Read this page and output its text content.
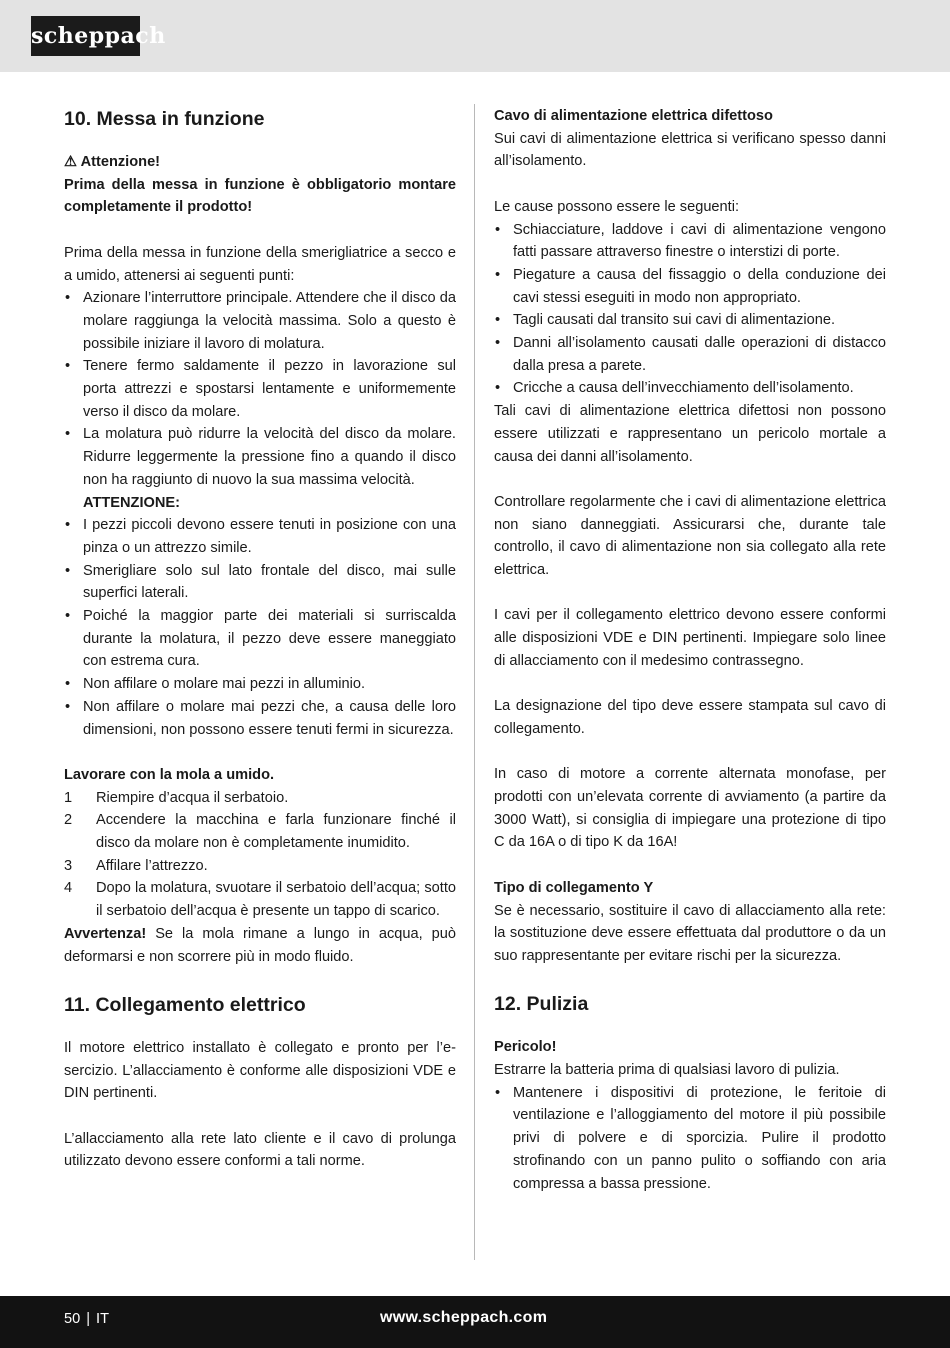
scheppach
10. Messa in funzione

⚠ Attenzione!

Prima della messa in funzione è obbligatorio montare completamente il prodotto!

Prima della messa in funzione della smerigliatrice a secco e a umido, attenersi ai seguenti punti:

• Azionare l’interruttore principale. Attendere che il disco da molare raggiunga la velocità massima. Solo a questo è possibile iniziare il lavoro di molatura.
• Tenere fermo saldamente il pezzo in lavorazione sul porta attrezzi e spostarsi lentamente e uniformemente verso il disco da molare.
• La molatura può ridurre la velocità del disco da molare. Ridurre leggermente la pressione fino a quando il disco non ha raggiunto di nuovo la sua massima velocità.

ATTENZIONE:

• I pezzi piccoli devono essere tenuti in posizione con una pinza o un attrezzo simile.
• Smerigliare solo sul lato frontale del disco, mai sulle superfici laterali.
• Poiché la maggior parte dei materiali si surriscalda durante la molatura, il pezzo deve essere maneggiato con estrema cura.
• Non affilare o molare mai pezzi in alluminio.
• Non affilare o molare mai pezzi che, a causa delle loro dimensioni, non possono essere tenuti fermi in sicurezza.

Lavorare con la mola a umido.

1 Riempire d’acqua il serbatoio.
2 Accendere la macchina e farla funzionare finché il disco da molare non è completamente inumidito.
3 Affilare l’attrezzo.
4 Dopo la molatura, svuotare il serbatoio dell’acqua; sotto il serbatoio dell’acqua è presente un tappo di scarico.

Avvertenza! Se la mola rimane a lungo in acqua, può deformarsi e non scorrere più in modo fluido.

11. Collegamento elettrico

Il motore elettrico installato è collegato e pronto per l’esercizio. L’allacciamento è conforme alle disposizioni VDE e DIN pertinenti.

L’allacciamento alla rete lato cliente e il cavo di prolunga utilizzato devono essere conformi a tali norme.

Cavo di alimentazione elettrica difettoso

Sui cavi di alimentazione elettrica si verificano spesso danni all’isolamento.

Le cause possono essere le seguenti:

• Schiacciature, laddove i cavi di alimentazione vengono fatti passare attraverso finestre o interstizi di porte.
• Piegature a causa del fissaggio o della conduzione dei cavi stessi eseguiti in modo non appropriato.
• Tagli causati dal transito sui cavi di alimentazione.
• Danni all’isolamento causati dalle operazioni di distacco dalla presa a parete.
• Cricche a causa dell’invecchiamento dell’isolamento.

Tali cavi di alimentazione elettrica difettosi non possono essere utilizzati e rappresentano un pericolo mortale a causa dei danni all’isolamento.

Controllare regolarmente che i cavi di alimentazione elettrica non siano danneggiati. Assicurarsi che, durante tale controllo, il cavo di alimentazione non sia collegato alla rete elettrica.

I cavi per il collegamento elettrico devono essere conformi alle disposizioni VDE e DIN pertinenti. Impiegare solo linee di allacciamento con il medesimo contrassegno.

La designazione del tipo deve essere stampata sul cavo di collegamento.

In caso di motore a corrente alternata monofase, per prodotti con un’elevata corrente di avviamento (a partire da 3000 Watt), si consiglia di impiegare una protezione di tipo C da 16A o di tipo K da 16A!

Tipo di collegamento Y

Se è necessario, sostituire il cavo di allacciamento alla rete: la sostituzione deve essere effettuata dal produttore o da un suo rappresentante per evitare rischi per la sicurezza.

12. Pulizia

Pericolo!

Estrarre la batteria prima di qualsiasi lavoro di pulizia.

• Mantenere i dispositivi di protezione, le feritoie di ventilazione e l’alloggiamento del motore il più possibile privi di polvere e di sporcizia. Pulire il prodotto strofinando con un panno pulito o soffiando con aria compressa a bassa pressione.
50 | IT	www.scheppach.com
